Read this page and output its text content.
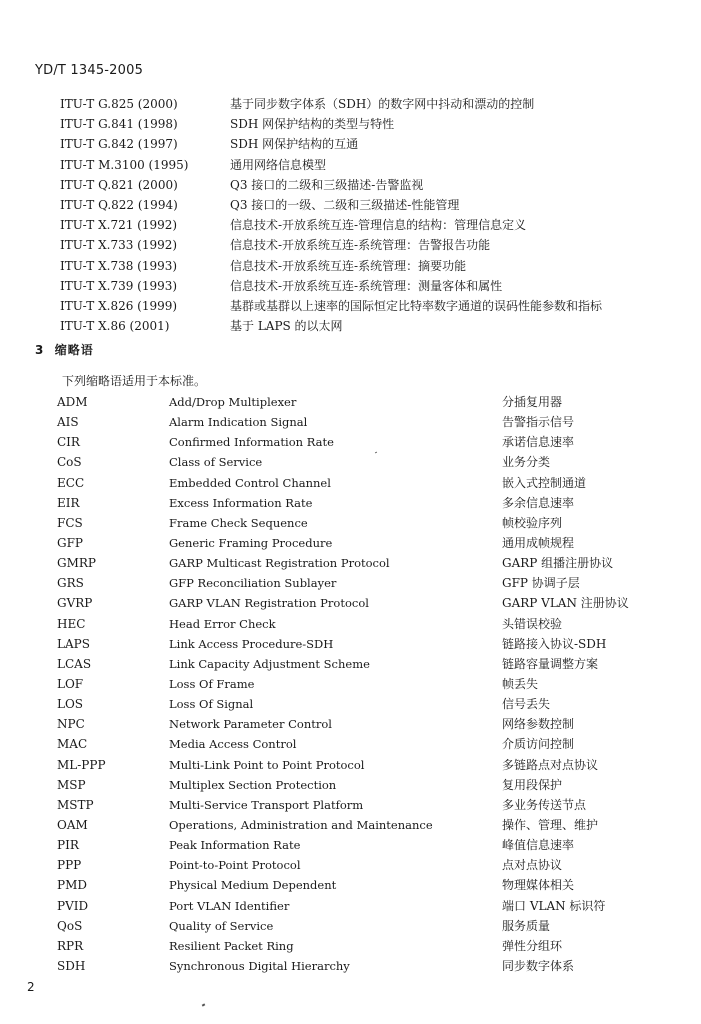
YD/T 1345-2005
ITU-T G.825 (2000)	基于同步数字体系（SDH）的数字网中抖动和漂动的控制
ITU-T G.841 (1998)	SDH 网保护结构的类型与特性
ITU-T G.842 (1997)	SDH 网保护结构的互通
ITU-T M.3100 (1995)	通用网络信息模型
ITU-T Q.821 (2000)	Q3 接口的二级和三级描述-告警监视
ITU-T Q.822 (1994)	Q3 接口的一级、二级和三级描述-性能管理
ITU-T X.721 (1992)	信息技术-开放系统互连-管理信息的结构：管理信息定义
ITU-T X.733 (1992)	信息技术-开放系统互连-系统管理：告警报告功能
ITU-T X.738 (1993)	信息技术-开放系统互连-系统管理：摘要功能
ITU-T X.739 (1993)	信息技术-开放系统互连-系统管理：测量客体和属性
ITU-T X.826 (1999)	基群或基群以上速率的国际恒定比特率数字通道的误码性能参数和指标
ITU-T X.86 (2001)	基于 LAPS 的以太网
3 缩略语
下列缩略语适用于本标准。
ADM	Add/Drop Multiplexer	分插复用器
AIS	Alarm Indication Signal	告警指示信号
CIR	Confirmed Information Rate	承诺信息速率
CoS	Class of Service	业务分类
ECC	Embedded Control Channel	嵌入式控制通道
EIR	Excess Information Rate	多余信息速率
FCS	Frame Check Sequence	帧校验序列
GFP	Generic Framing Procedure	通用成帧规程
GMRP	GARP Multicast Registration Protocol	GARP 组播注册协议
GRS	GFP Reconciliation Sublayer	GFP 协调子层
GVRP	GARP VLAN Registration Protocol	GARP VLAN 注册协议
HEC	Head Error Check	头错误校验
LAPS	Link Access Procedure-SDH	链路接入协议-SDH
LCAS	Link Capacity Adjustment Scheme	链路容量调整方案
LOF	Loss Of Frame	帧丢失
LOS	Loss Of Signal	信号丢失
NPC	Network Parameter Control	网络参数控制
MAC	Media Access Control	介质访问控制
ML-PPP	Multi-Link Point to Point Protocol	多链路点对点协议
MSP	Multiplex Section Protection	复用段保护
MSTP	Multi-Service Transport Platform	多业务传送节点
OAM	Operations, Administration and Maintenance	操作、管理、维护
PIR	Peak Information Rate	峰值信息速率
PPP	Point-to-Point Protocol	点对点协议
PMD	Physical Medium Dependent	物理媒体相关
PVID	Port VLAN Identifier	端口 VLAN 标识符
QoS	Quality of Service	服务质量
RPR	Resilient Packet Ring	弹性分组环
SDH	Synchronous Digital Hierarchy	同步数字体系
2
